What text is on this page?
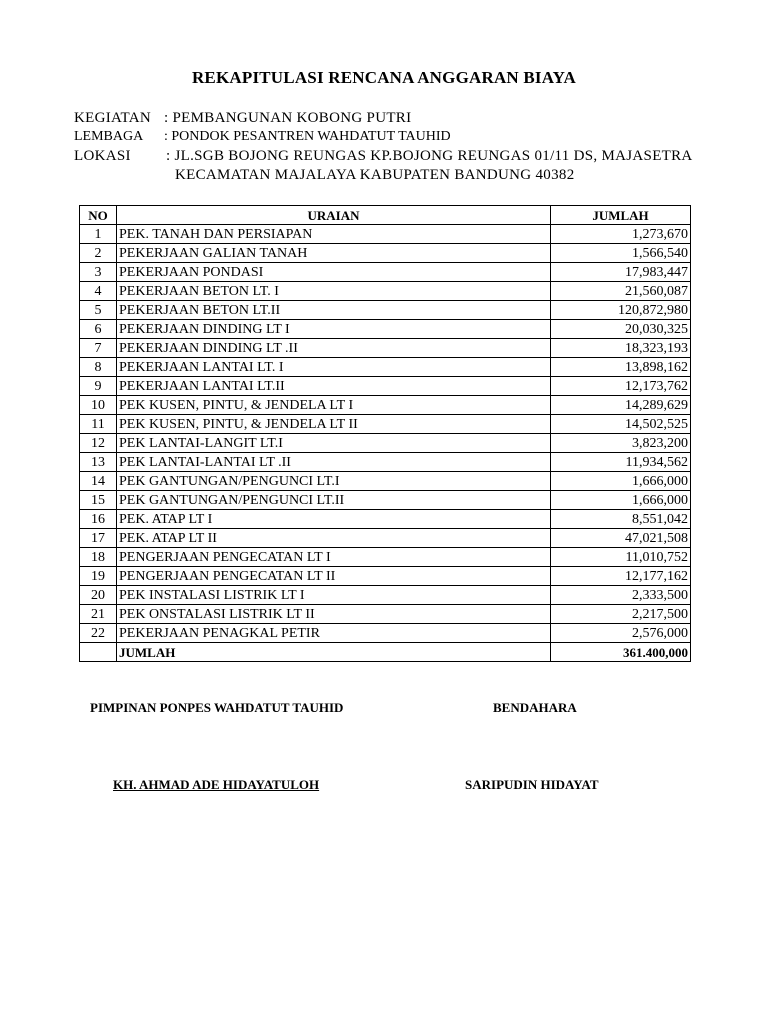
REKAPITULASI RENCANA ANGGARAN BIAYA
KEGIATAN : PEMBANGUNAN KOBONG PUTRI
LEMBAGA : PONDOK PESANTREN WAHDATUT TAUHID
LOKASI : JL.SGB BOJONG REUNGAS KP.BOJONG REUNGAS 01/11 DS, MAJASETRA
KECAMATAN MAJALAYA KABUPATEN BANDUNG 40382
NO	URAIAN	JUMLAH
1	PEK. TANAH DAN PERSIAPAN	1,273,670
2	PEKERJAAN GALIAN TANAH	1,566,540
3	PEKERJAAN PONDASI	17,983,447
4	PEKERJAAN BETON LT. I	21,560,087
5	PEKERJAAN BETON LT.II	120,872,980
6	PEKERJAAN DINDING LT I	20,030,325
7	PEKERJAAN DINDING LT .II	18,323,193
8	PEKERJAAN LANTAI LT. I	13,898,162
9	PEKERJAAN LANTAI LT.II	12,173,762
10	PEK KUSEN, PINTU, & JENDELA LT I	14,289,629
11	PEK KUSEN, PINTU, & JENDELA LT II	14,502,525
12	PEK LANTAI-LANGIT LT.I	3,823,200
13	PEK LANTAI-LANTAI LT .II	11,934,562
14	PEK GANTUNGAN/PENGUNCI LT.I	1,666,000
15	PEK GANTUNGAN/PENGUNCI LT.II	1,666,000
16	PEK. ATAP LT I	8,551,042
17	PEK. ATAP LT II	47,021,508
18	PENGERJAAN PENGECATAN LT I	11,010,752
19	PENGERJAAN PENGECATAN LT II	12,177,162
20	PEK INSTALASI LISTRIK LT I	2,333,500
21	PEK ONSTALASI LISTRIK LT II	2,217,500
22	PEKERJAAN PENAGKAL PETIR	2,576,000
	JUMLAH	361.400,000
PIMPINAN PONPES WAHDATUT TAUHID	BENDAHARA
KH. AHMAD ADE HIDAYATULOH	SARIPUDIN HIDAYAT
